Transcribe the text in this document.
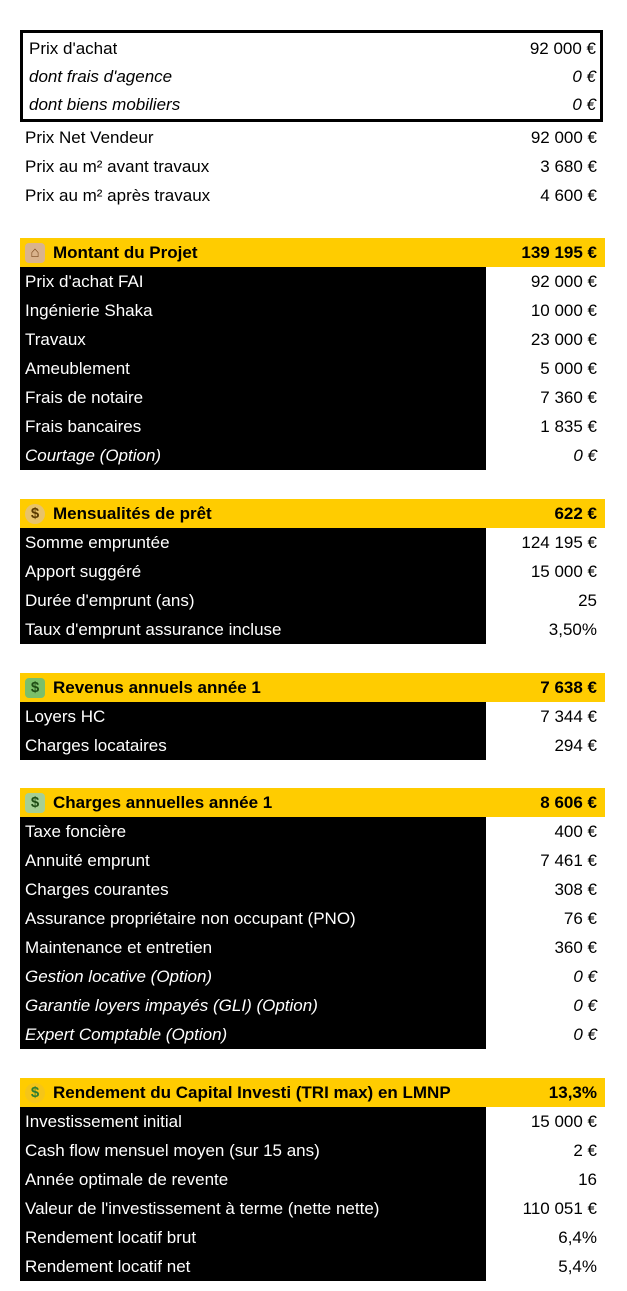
Prix d'achat	92 000 €
dont frais d'agence	0 €
dont biens mobiliers	0 €
Prix Net Vendeur	92 000 €
Prix au m² avant travaux	3 680 €
Prix au m² après travaux	4 600 €
⌂ Montant du Projet	139 195 €
Prix d'achat FAI	92 000 €
Ingénierie Shaka	10 000 €
Travaux	23 000 €
Ameublement	5 000 €
Frais de notaire	7 360 €
Frais bancaires	1 835 €
Courtage (Option)	0 €
$ Mensualités de prêt	622 €
Somme empruntée	124 195 €
Apport suggéré	15 000 €
Durée d'emprunt (ans)	25
Taux d'emprunt assurance incluse	3,50%
$ Revenus annuels année 1	7 638 €
Loyers HC	7 344 €
Charges locataires	294 €
$ Charges annuelles année 1	8 606 €
Taxe foncière	400 €
Annuité emprunt	7 461 €
Charges courantes	308 €
Assurance propriétaire non occupant (PNO)	76 €
Maintenance et entretien	360 €
Gestion locative (Option)	0 €
Garantie loyers impayés (GLI) (Option)	0 €
Expert Comptable (Option)	0 €
$ Rendement du Capital Investi (TRI max) en LMNP	13,3%
Investissement initial	15 000 €
Cash flow mensuel moyen (sur 15 ans)	2 €
Année optimale de revente	16
Valeur de l'investissement à terme (nette nette)	110 051 €
Rendement locatif brut	6,4%
Rendement locatif net	5,4%
